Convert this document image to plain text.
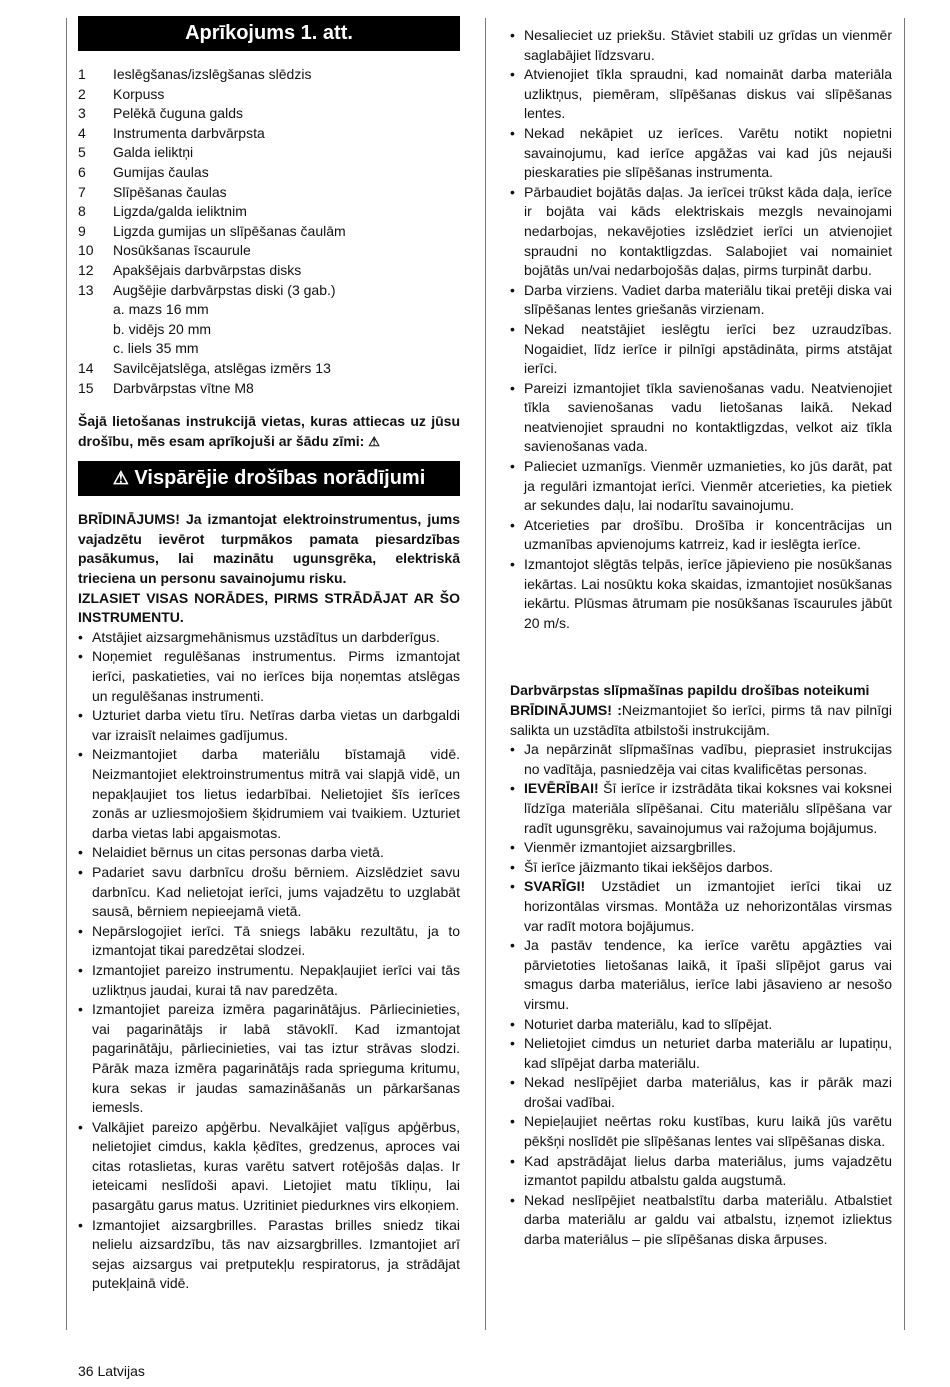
Aprīkojums 1. att.
1	Ieslēgšanas/izslēgšanas slēdzis
2	Korpuss
3	Pelēkā čuguna galds
4	Instrumenta darbvārpsta
5	Galda ieliktņi
6	Gumijas čaulas
7	Slīpēšanas čaulas
8	Ligzda/galda ieliktnim
9	Ligzda gumijas un slīpēšanas čaulām
10	Nosūkšanas īscaurule
12	Apakšējais darbvārpstas disks
13	Augšējie darbvārpstas diski (3 gab.)
a. mazs 16 mm
b. vidējs 20 mm
c. liels 35 mm
14	Savilcējatslēga, atslēgas izmērs 13
15	Darbvārpstas vītne M8

Šajā lietošanas instrukcijā vietas, kuras attiecas uz jūsu drošību, mēs esam aprīkojuši ar šādu zīmi: ⚠

⚠ Vispārējie drošības norādījumi

BRĪDINĀJUMS! Ja izmantojat elektroinstrumentus, jums vajadzētu ievērot turpmākos pamata piesardzības pasākumus, lai mazinātu ugunsgrēka, elektriskā trieciena un personu savainojumu risku.

IZLASIET VISAS NORĀDES, PIRMS STRĀDĀJAT AR ŠO INSTRUMENTU.

• Atstājiet aizsargmehānismus uzstādītus un darbderīgus.
• Noņemiet regulēšanas instrumentus. Pirms izmantojat ierīci, paskatieties, vai no ierīces bija noņemtas atslēgas un regulēšanas instrumenti.
• Uzturiet darba vietu tīru. Netīras darba vietas un darbgaldi var izraisīt nelaimes gadījumus.
• Neizmantojiet darba materiālu bīstamajā vidē. Neizmantojiet elektroinstrumentus mitrā vai slapjā vidē, un nepakļaujiet tos lietus iedarbībai. Nelietojiet šīs ierīces zonās ar uzliesmojošiem šķidrumiem vai tvaikiem. Uzturiet darba vietas labi apgaismotas.
• Nelaidiet bērnus un citas personas darba vietā.
• Padariet savu darbnīcu drošu bērniem. Aizslēdziet savu darbnīcu. Kad nelietojat ierīci, jums vajadzētu to uzglabāt sausā, bērniem nepieejamā vietā.
• Nepārslogojiet ierīci. Tā sniegs labāku rezultātu, ja to izmantojat tikai paredzētai slodzei.
• Izmantojiet pareizo instrumentu. Nepakļaujiet ierīci vai tās uzliktņus jaudai, kurai tā nav paredzēta.
• Izmantojiet pareiza izmēra pagarinātājus. Pārliecinieties, vai pagarinātājs ir labā stāvoklī. Kad izmantojat pagarinātāju, pārliecinieties, vai tas iztur strāvas slodzi. Pārāk maza izmēra pagarinātājs rada sprieguma kritumu, kura sekas ir jaudas samazināšanās un pārkaršanas iemesls.
• Valkājiet pareizo apģērbu. Nevalkājiet vaļīgus apģērbus, nelietojiet cimdus, kakla ķēdītes, gredzenus, aproces vai citas rotaslietas, kuras varētu satvert rotējošās daļas. Ir ieteicami neslīdoši apavi. Lietojiet matu tīkliņu, lai pasargātu garus matus. Uzritiniet piedurknes virs elkoņiem.
• Izmantojiet aizsargbrilles. Parastas brilles sniedz tikai nelielu aizsardzību, tās nav aizsargbrilles. Izmantojiet arī sejas aizsargus vai pretputekļu respiratorus, ja strādājat putekļainā vidē.
• Nesalieciet uz priekšu. Stāviet stabili uz grīdas un vienmēr saglabājiet līdzsvaru.
• Atvienojiet tīkla spraudni, kad nomaināt darba materiāla uzliktņus, piemēram, slīpēšanas diskus vai slīpēšanas lentes.
• Nekad nekāpiet uz ierīces. Varētu notikt nopietni savainojumu, kad ierīce apgāžas vai kad jūs nejauši pieskaraties pie slīpēšanas instrumenta.
• Pārbaudiet bojātās daļas. Ja ierīcei trūkst kāda daļa, ierīce ir bojāta vai kāds elektriskais mezgls nevainojami nedarbojas, nekavējoties izslēdziet ierīci un atvienojiet spraudni no kontaktligzdas. Salabojiet vai nomainiet bojātās un/vai nedarbojošās daļas, pirms turpināt darbu.
• Darba virziens. Vadiet darba materiālu tikai pretēji diska vai slīpēšanas lentes griešanās virzienam.
• Nekad neatstājiet ieslēgtu ierīci bez uzraudzības. Nogaidiet, līdz ierīce ir pilnīgi apstādināta, pirms atstājat ierīci.
• Pareizi izmantojiet tīkla savienošanas vadu. Neatvienojiet tīkla savienošanas vadu lietošanas laikā. Nekad neatvienojiet spraudni no kontaktligzdas, velkot aiz tīkla savienošanas vada.
• Palieciet uzmanīgs. Vienmēr uzmanieties, ko jūs darāt, pat ja regulāri izmantojat ierīci. Vienmēr atcerieties, ka pietiek ar sekundes daļu, lai nodarītu savainojumu.
• Atcerieties par drošību. Drošība ir koncentrācijas un uzmanības apvienojums katrreiz, kad ir ieslēgta ierīce.
• Izmantojot slēgtās telpās, ierīce jāpievieno pie nosūkšanas iekārtas. Lai nosūktu koka skaidas, izmantojiet nosūkšanas iekārtu. Plūsmas ātrumam pie nosūkšanas īscaurules jābūt 20 m/s.

Darbvārpstas slīpmašīnas papildu drošības noteikumi

BRĪDINĀJUMS! :Neizmantojiet šo ierīci, pirms tā nav pilnīgi salikta un uzstādīta atbilstoši instrukcijām.

• Ja nepārzināt slīpmašīnas vadību, pieprasiet instrukcijas no vadītāja, pasniedzēja vai citas kvalificētas personas.
• IEVĒRĪBAI! Šī ierīce ir izstrādāta tikai koksnes vai koksnei līdzīga materiāla slīpēšanai. Citu materiālu slīpēšana var radīt ugunsgrēku, savainojumus vai ražojuma bojājumus.
• Vienmēr izmantojiet aizsargbrilles.
• Šī ierīce jāizmanto tikai iekšējos darbos.
• SVARĪGI! Uzstādiet un izmantojiet ierīci tikai uz horizontālas virsmas. Montāža uz nehorizontālas virsmas var radīt motora bojājumus.
• Ja pastāv tendence, ka ierīce varētu apgāzties vai pārvietoties lietošanas laikā, it īpaši slīpējot garus vai smagus darba materiālus, ierīce labi jāsavieno ar nesošo virsmu.
• Noturiet darba materiālu, kad to slīpējat.
• Nelietojiet cimdus un neturiet darba materiālu ar lupatiņu, kad slīpējat darba materiālu.
• Nekad neslīpējiet darba materiālus, kas ir pārāk mazi drošai vadībai.
• Nepieļaujiet neērtas roku kustības, kuru laikā jūs varētu pēkšņi noslīdēt pie slīpēšanas lentes vai slīpēšanas diska.
• Kad apstrādājat lielus darba materiālus, jums vajadzētu izmantot papildu atbalstu galda augstumā.
• Nekad neslīpējiet neatbalstītu darba materiālu. Atbalstiet darba materiālu ar galdu vai atbalstu, izņemot izliektus darba materiālus – pie slīpēšanas diska ārpuses.
36 Latvijas
